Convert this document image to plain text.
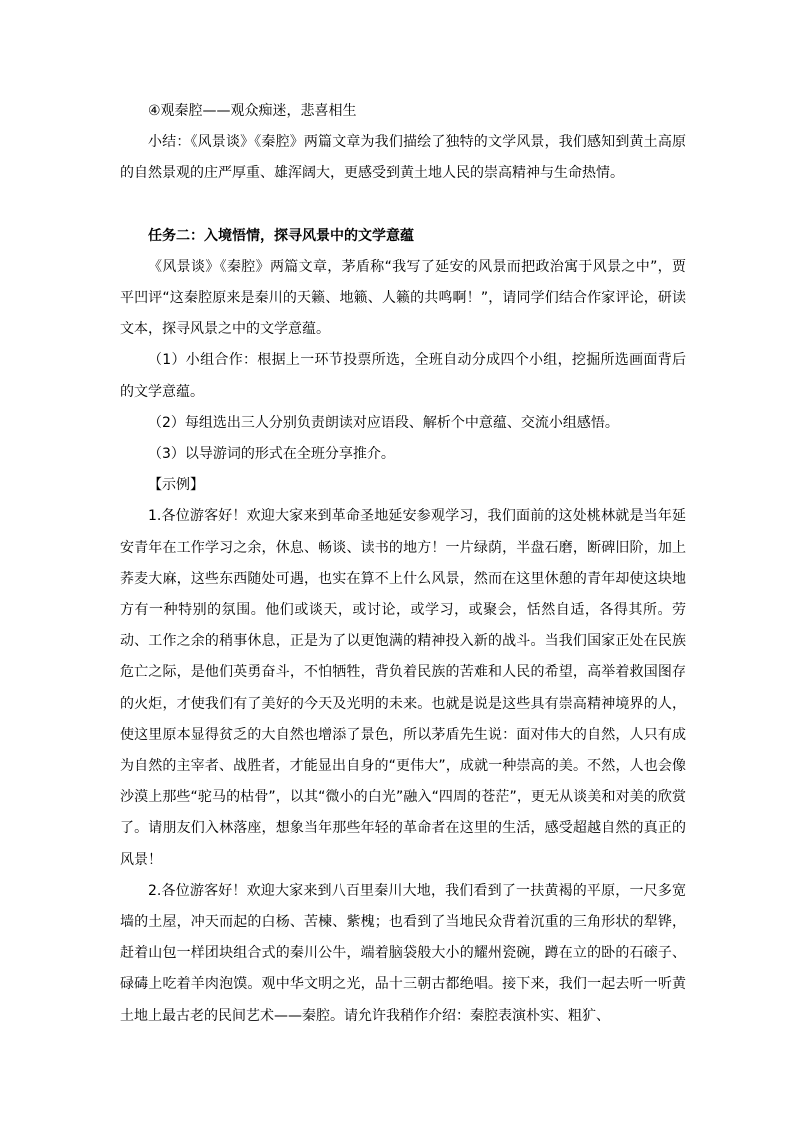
④观秦腔——观众痴迷，悲喜相生

小结：《风景谈》《秦腔》两篇文章为我们描绘了独特的文学风景，我们感知到黄土高原的自然景观的庄严厚重、雄浑阔大，更感受到黄土地人民的崇高精神与生命热情。

任务二：入境悟情，探寻风景中的文学意蕴

《风景谈》《秦腔》两篇文章，茅盾称“我写了延安的风景而把政治寓于风景之中”，贾平凹评“这秦腔原来是秦川的天籁、地籁、人籁的共鸣啊！”，请同学们结合作家评论，研读文本，探寻风景之中的文学意蕴。

（1）小组合作：根据上一环节投票所选，全班自动分成四个小组，挖掘所选画面背后的文学意蕴。

（2）每组选出三人分别负责朗读对应语段、解析个中意蕴、交流小组感悟。

（3）以导游词的形式在全班分享推介。

【示例】

1.各位游客好！欢迎大家来到革命圣地延安参观学习，我们面前的这处桃林就是当年延安青年在工作学习之余，休息、畅谈、读书的地方！一片绿荫，半盘石磨，断碑旧阶，加上荞麦大麻，这些东西随处可遇，也实在算不上什么风景，然而在这里休憩的青年却使这块地方有一种特别的氛围。他们或谈天，或讨论，或学习，或聚会，恬然自适，各得其所。劳动、工作之余的稍事休息，正是为了以更饱满的精神投入新的战斗。当我们国家正处在民族危亡之际，是他们英勇奋斗，不怕牺牲，背负着民族的苦难和人民的希望，高举着救国图存的火炬，才使我们有了美好的今天及光明的未来。也就是说是这些具有崇高精神境界的人，使这里原本显得贫乏的大自然也增添了景色，所以茅盾先生说：面对伟大的自然，人只有成为自然的主宰者、战胜者，才能显出自身的“更伟大”，成就一种崇高的美。不然，人也会像沙漠上那些“驼马的枯骨”，以其“微小的白光”融入“四周的苍茫”，更无从谈美和对美的欣赏了。请朋友们入林落座，想象当年那些年轻的革命者在这里的生活，感受超越自然的真正的风景！

2.各位游客好！欢迎大家来到八百里秦川大地，我们看到了一扶黄褐的平原，一尺多宽墙的土屋，冲天而起的白杨、苦楝、紫槐；也看到了当地民众背着沉重的三角形状的犁铧，赶着山包一样团块组合式的秦川公牛，端着脑袋般大小的耀州瓷碗，蹲在立的卧的石磙子、碌碡上吃着羊肉泡馍。观中华文明之光，品十三朝古都绝唱。接下来，我们一起去听一听黄土地上最古老的民间艺术——秦腔。请允许我稍作介绍：秦腔表演朴实、粗犷、
